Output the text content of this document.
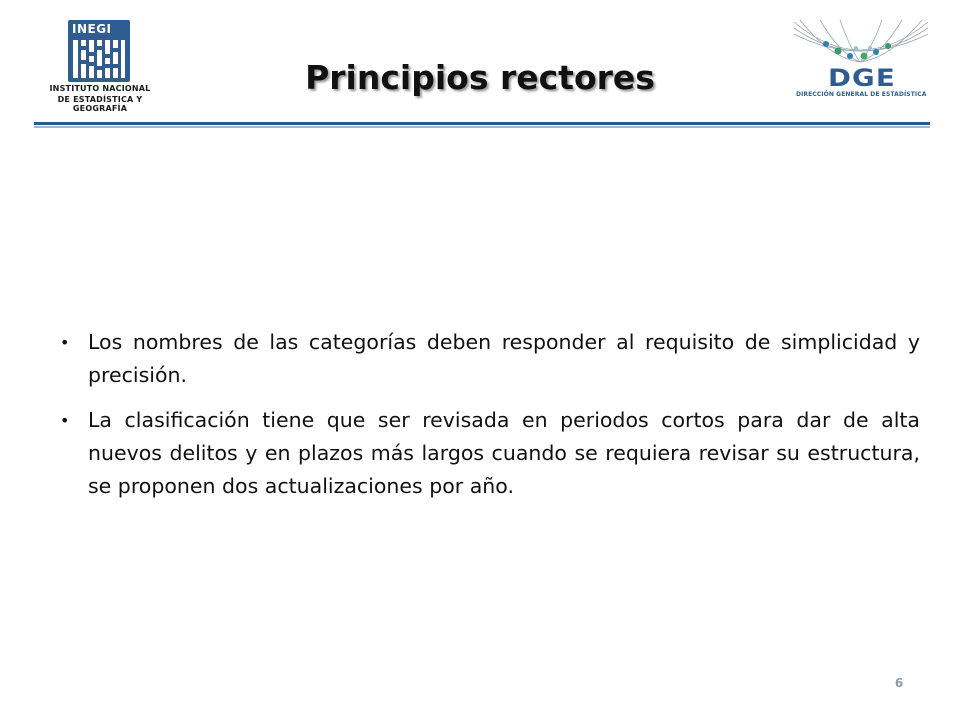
INEGI
INSTITUTO NACIONAL
DE ESTADÍSTICA Y GEOGRAFÍA
Principios rectores	DGE
DIRECCIÓN GENERAL DE ESTADÍSTICA
• Los nombres de las categorías deben responder al requisito de simplicidad y precisión.
• La clasificación tiene que ser revisada en periodos cortos para dar de alta nuevos delitos y en plazos más largos cuando se requiera revisar su estructura, se proponen dos actualizaciones por año.
6
